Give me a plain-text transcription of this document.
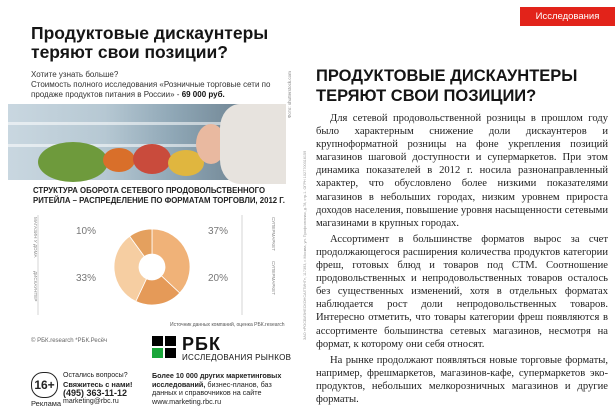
Продуктовые дискаунтеры теряют свои позиции?
Хотите узнать больше?
Стоимость полного исследования «Розничные торговые сети по продаже продуктов питания в России» - 69 000 руб.	Фото: shutterstock.com
СТРУКТУРА ОБОРОТА СЕТЕВОГО ПРОДОВОЛЬСТВЕННОГО РИТЕЙЛА – РАСПРЕДЕЛЕНИЕ ПО ФОРМАТАМ ТОРГОВЛИ, 2012 Г.
37%	СУПЕРМАРКЕТ
20%	СУПЕРМАРКЕТ
33%
ДИСКАУНТЕР
10%
МАГАЗИН У ДОМА
Источник данных компаний, оценка РБК.research
© РБК.research *РБК.Ресёч	РБК
ИССЛЕДОВАНИЯ РЫНКОВ
16+
Реклама
Остались вопросы?
Свяжитесь с нами!
(495) 363-11-12
marketing@rbc.ru
Более 10 000 других маркетинговых исследований, бизнес-планов, баз данных и справочников на сайте
www.marketing.rbc.ru
ЗАО «РОСБИЗНЕСКОНСАЛТИНГ», 117393, г. Москва, ул. Профсоюзная, д.78, стр.1. ОГРН 1027700316159
Исследования
ПРОДУКТОВЫЕ ДИСКАУНТЕРЫ ТЕРЯЮТ СВОИ ПОЗИЦИИ?

Для сетевой продовольственной розницы в прошлом году было характерным снижение доли дискаунтеров и крупноформатной розницы на фоне укрепления позиций магазинов шаговой доступности и супермаркетов. При этом динамика показателей в 2012 г. носила разнонаправленный характер, что обусловлено более низкими показателями магазинов в небольших городах, низким уровнем прироста доходов населения, повышение уровня насыщенности сетевыми магазинами в крупных городах.

Ассортимент в большинстве форматов вырос за счет продолжающегося расширения количества продуктов категории фреш, готовых блюд и товаров под СТМ. Соотношение продовольственных и непродовольственных товаров осталось без существенных изменений, хотя в отдельных форматах наблюдается рост доли непродовольственных товаров. Интересно отметить, что товары категории фреш появляются в ассортименте большинства сетевых магазинов, несмотря на формат, к которому они себя относят.

На рынке продолжают появляться новые торговые форматы, например, фрешмаркетов, магазинов-кафе, супермаркетов эко-продуктов, небольших мелкорозничных магазинов и другие форматы.
